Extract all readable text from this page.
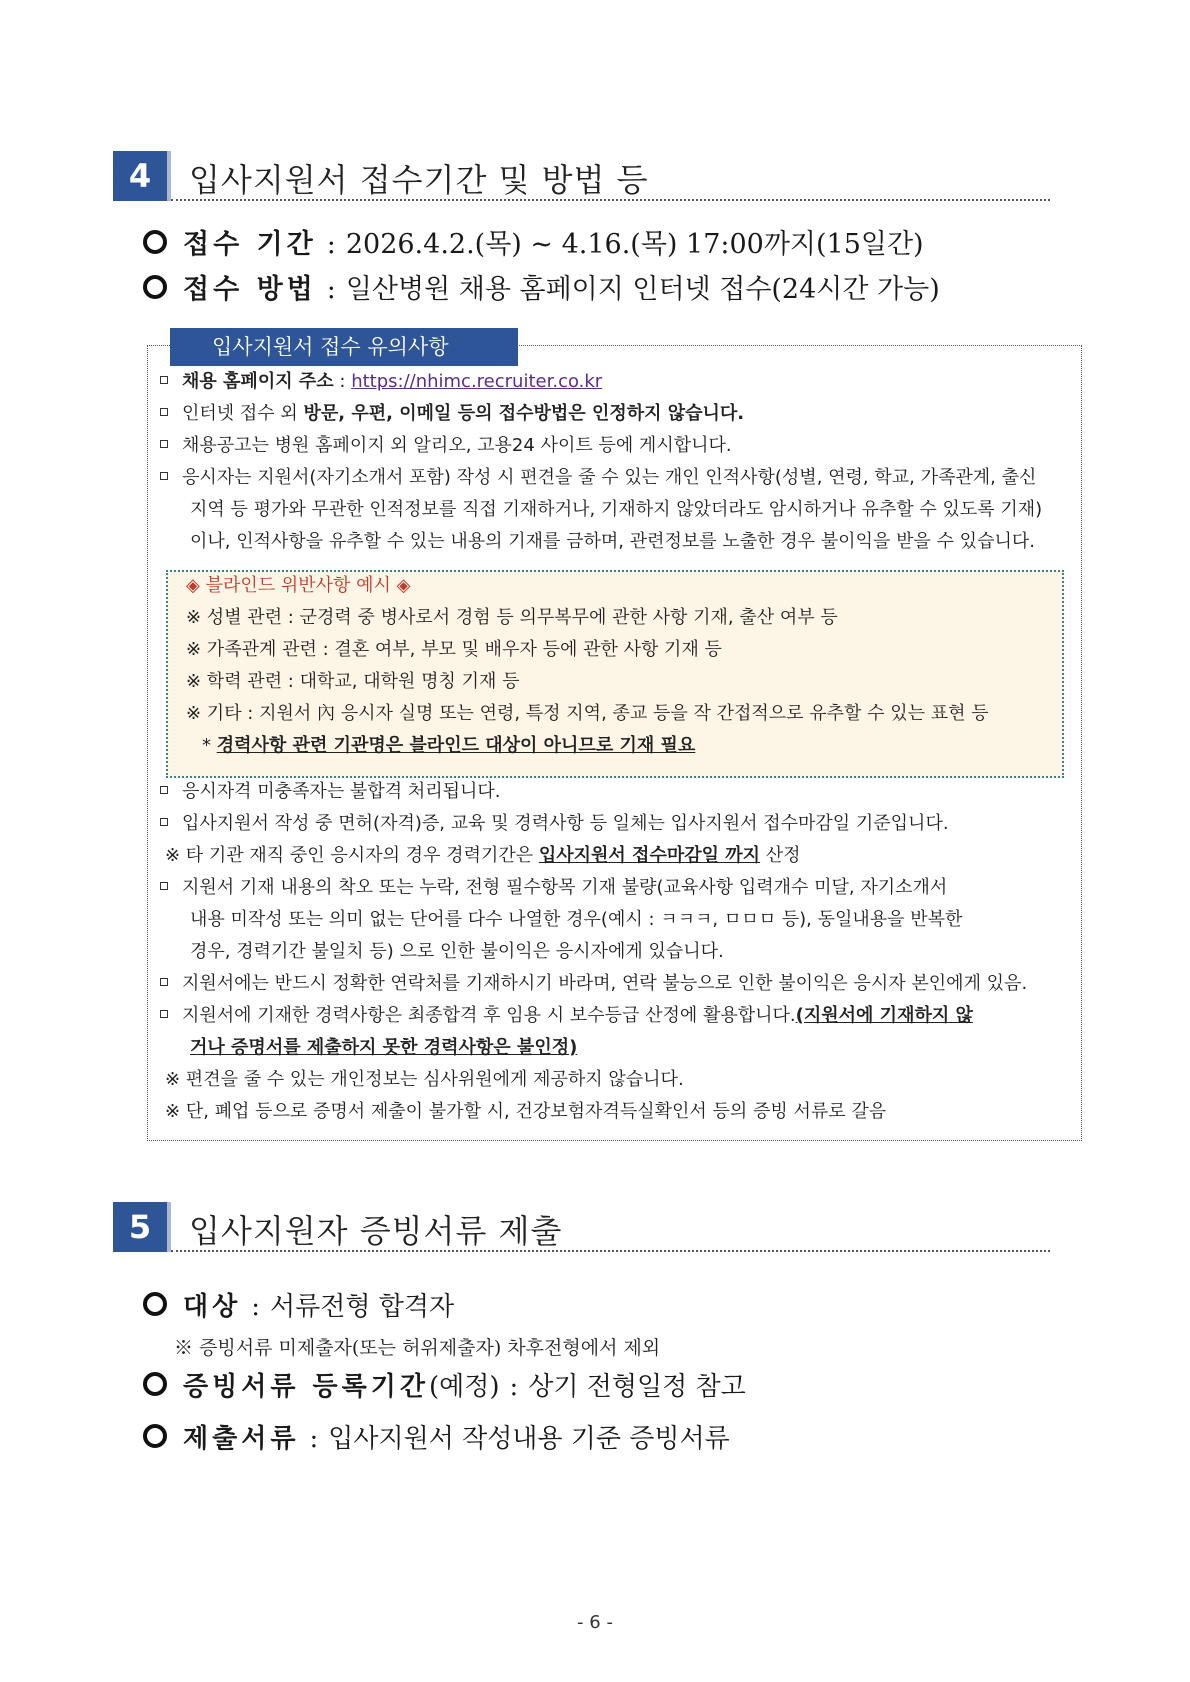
4	입사지원서 접수기간 및 방법 등
접수 기간 : 2026.4.2.(목) ~ 4.16.(목) 17:00까지(15일간)
접수 방법 : 일산병원 채용 홈페이지 인터넷 접수(24시간 가능)
입사지원서 접수 유의사항
채용 홈페이지 주소 : https://nhimc.recruiter.co.kr
인터넷 접수 외 방문, 우편, 이메일 등의 접수방법은 인정하지 않습니다.
채용공고는 병원 홈페이지 외 알리오, 고용24 사이트 등에 게시합니다.
응시자는 지원서(자기소개서 포함) 작성 시 편견을 줄 수 있는 개인 인적사항(성별, 연령, 학교, 가족관계, 출신
지역 등 평가와 무관한 인적정보를 직접 기재하거나, 기재하지 않았더라도 암시하거나 유추할 수 있도록 기재)
이나, 인적사항을 유추할 수 있는 내용의 기재를 금하며, 관련정보를 노출한 경우 불이익을 받을 수 있습니다.
◈ 블라인드 위반사항 예시 ◈
※ 성별 관련 : 군경력 중 병사로서 경험 등 의무복무에 관한 사항 기재, 출산 여부 등
※ 가족관계 관련 : 결혼 여부, 부모 및 배우자 등에 관한 사항 기재 등
※ 학력 관련 : 대학교, 대학원 명칭 기재 등
※ 기타 : 지원서 內 응시자 실명 또는 연령, 특정 지역, 종교 등을 작 간접적으로 유추할 수 있는 표현 등
* 경력사항 관련 기관명은 블라인드 대상이 아니므로 기재 필요
응시자격 미충족자는 불합격 처리됩니다.
입사지원서 작성 중 면허(자격)증, 교육 및 경력사항 등 일체는 입사지원서 접수마감일 기준입니다.
※ 타 기관 재직 중인 응시자의 경우 경력기간은 입사지원서 접수마감일 까지 산정
지원서 기재 내용의 착오 또는 누락, 전형 필수항목 기재 불량(교육사항 입력개수 미달, 자기소개서
내용 미작성 또는 의미 없는 단어를 다수 나열한 경우(예시 : ㅋㅋㅋ, ㅁㅁㅁ 등), 동일내용을 반복한
경우, 경력기간 불일치 등) 으로 인한 불이익은 응시자에게 있습니다.
지원서에는 반드시 정확한 연락처를 기재하시기 바라며, 연락 불능으로 인한 불이익은 응시자 본인에게 있음.
지원서에 기재한 경력사항은 최종합격 후 임용 시 보수등급 산정에 활용합니다.(지원서에 기재하지 않
거나 증명서를 제출하지 못한 경력사항은 불인정)
※ 편견을 줄 수 있는 개인정보는 심사위원에게 제공하지 않습니다.
※ 단, 폐업 등으로 증명서 제출이 불가할 시, 건강보험자격득실확인서 등의 증빙 서류로 갈음
5	입사지원자 증빙서류 제출
대상 : 서류전형 합격자
※ 증빙서류 미제출자(또는 허위제출자) 차후전형에서 제외
증빙서류 등록기간(예정) : 상기 전형일정 참고
제출서류 : 입사지원서 작성내용 기준 증빙서류
- 6 -
